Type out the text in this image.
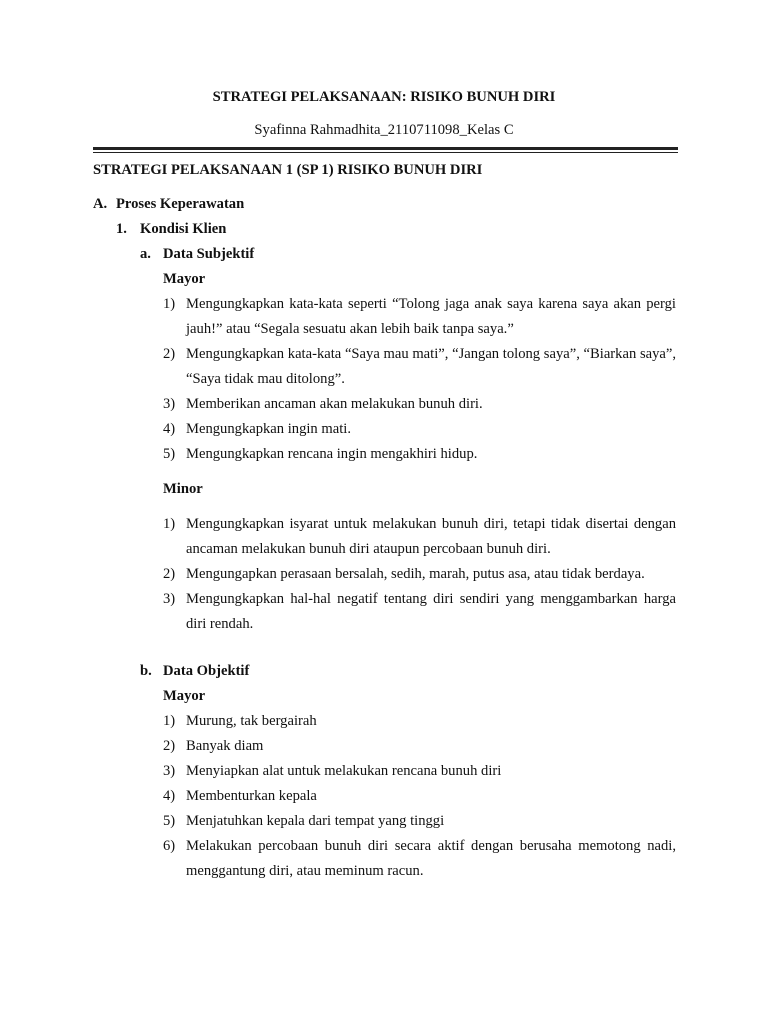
STRATEGI PELAKSANAAN: RISIKO BUNUH DIRI
Syafinna Rahmadhita_2110711098_Kelas C
STRATEGI PELAKSANAAN 1 (SP 1) RISIKO BUNUH DIRI
A. Proses Keperawatan
1. Kondisi Klien
a. Data Subjektif
Mayor
1) Mengungkapkan kata-kata seperti “Tolong jaga anak saya karena saya akan pergi jauh!” atau “Segala sesuatu akan lebih baik tanpa saya.”
2) Mengungkapkan kata-kata “Saya mau mati”, “Jangan tolong saya”, “Biarkan saya”, “Saya tidak mau ditolong”.
3) Memberikan ancaman akan melakukan bunuh diri.
4) Mengungkapkan ingin mati.
5) Mengungkapkan rencana ingin mengakhiri hidup.
Minor
1) Mengungkapkan isyarat untuk melakukan bunuh diri, tetapi tidak disertai dengan ancaman melakukan bunuh diri ataupun percobaan bunuh diri.
2) Mengungapkan perasaan bersalah, sedih, marah, putus asa, atau tidak berdaya.
3) Mengungkapkan hal-hal negatif tentang diri sendiri yang menggambarkan harga diri rendah.
b. Data Objektif
Mayor
1) Murung, tak bergairah
2) Banyak diam
3) Menyiapkan alat untuk melakukan rencana bunuh diri
4) Membenturkan kepala
5) Menjatuhkan kepala dari tempat yang tinggi
6) Melakukan percobaan bunuh diri secara aktif dengan berusaha memotong nadi, menggantung diri, atau meminum racun.
